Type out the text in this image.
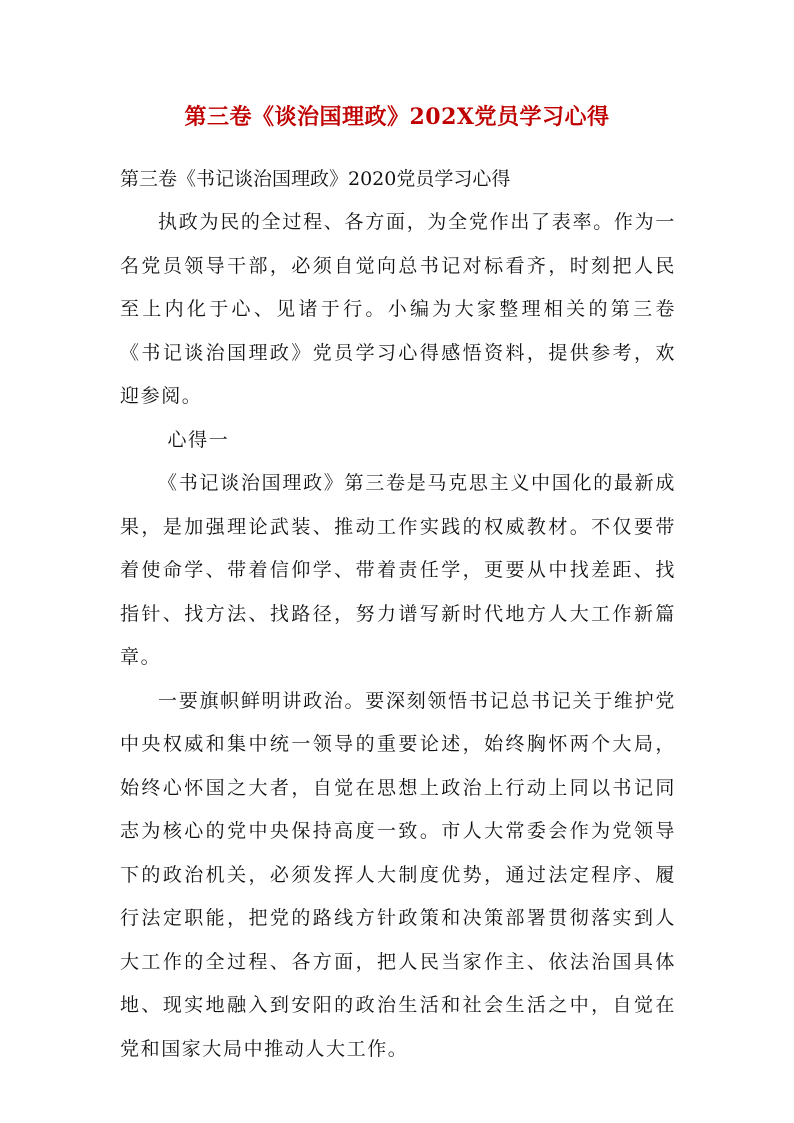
第三卷《谈治国理政》202X党员学习心得
第三卷《书记谈治国理政》2020党员学习心得

执政为民的全过程、各方面，为全党作出了表率。作为一名党员领导干部，必须自觉向总书记对标看齐，时刻把人民至上内化于心、见诸于行。小编为大家整理相关的第三卷《书记谈治国理政》党员学习心得感悟资料，提供参考，欢迎参阅。

心得一

《书记谈治国理政》第三卷是马克思主义中国化的最新成果，是加强理论武装、推动工作实践的权威教材。不仅要带着使命学、带着信仰学、带着责任学，更要从中找差距、找指针、找方法、找路径，努力谱写新时代地方人大工作新篇章。

一要旗帜鲜明讲政治。要深刻领悟书记总书记关于维护党中央权威和集中统一领导的重要论述，始终胸怀两个大局，始终心怀国之大者，自觉在思想上政治上行动上同以书记同志为核心的党中央保持高度一致。市人大常委会作为党领导下的政治机关，必须发挥人大制度优势，通过法定程序、履行法定职能，把党的路线方针政策和决策部署贯彻落实到人大工作的全过程、各方面，把人民当家作主、依法治国具体地、现实地融入到安阳的政治生活和社会生活之中，自觉在党和国家大局中推动人大工作。
